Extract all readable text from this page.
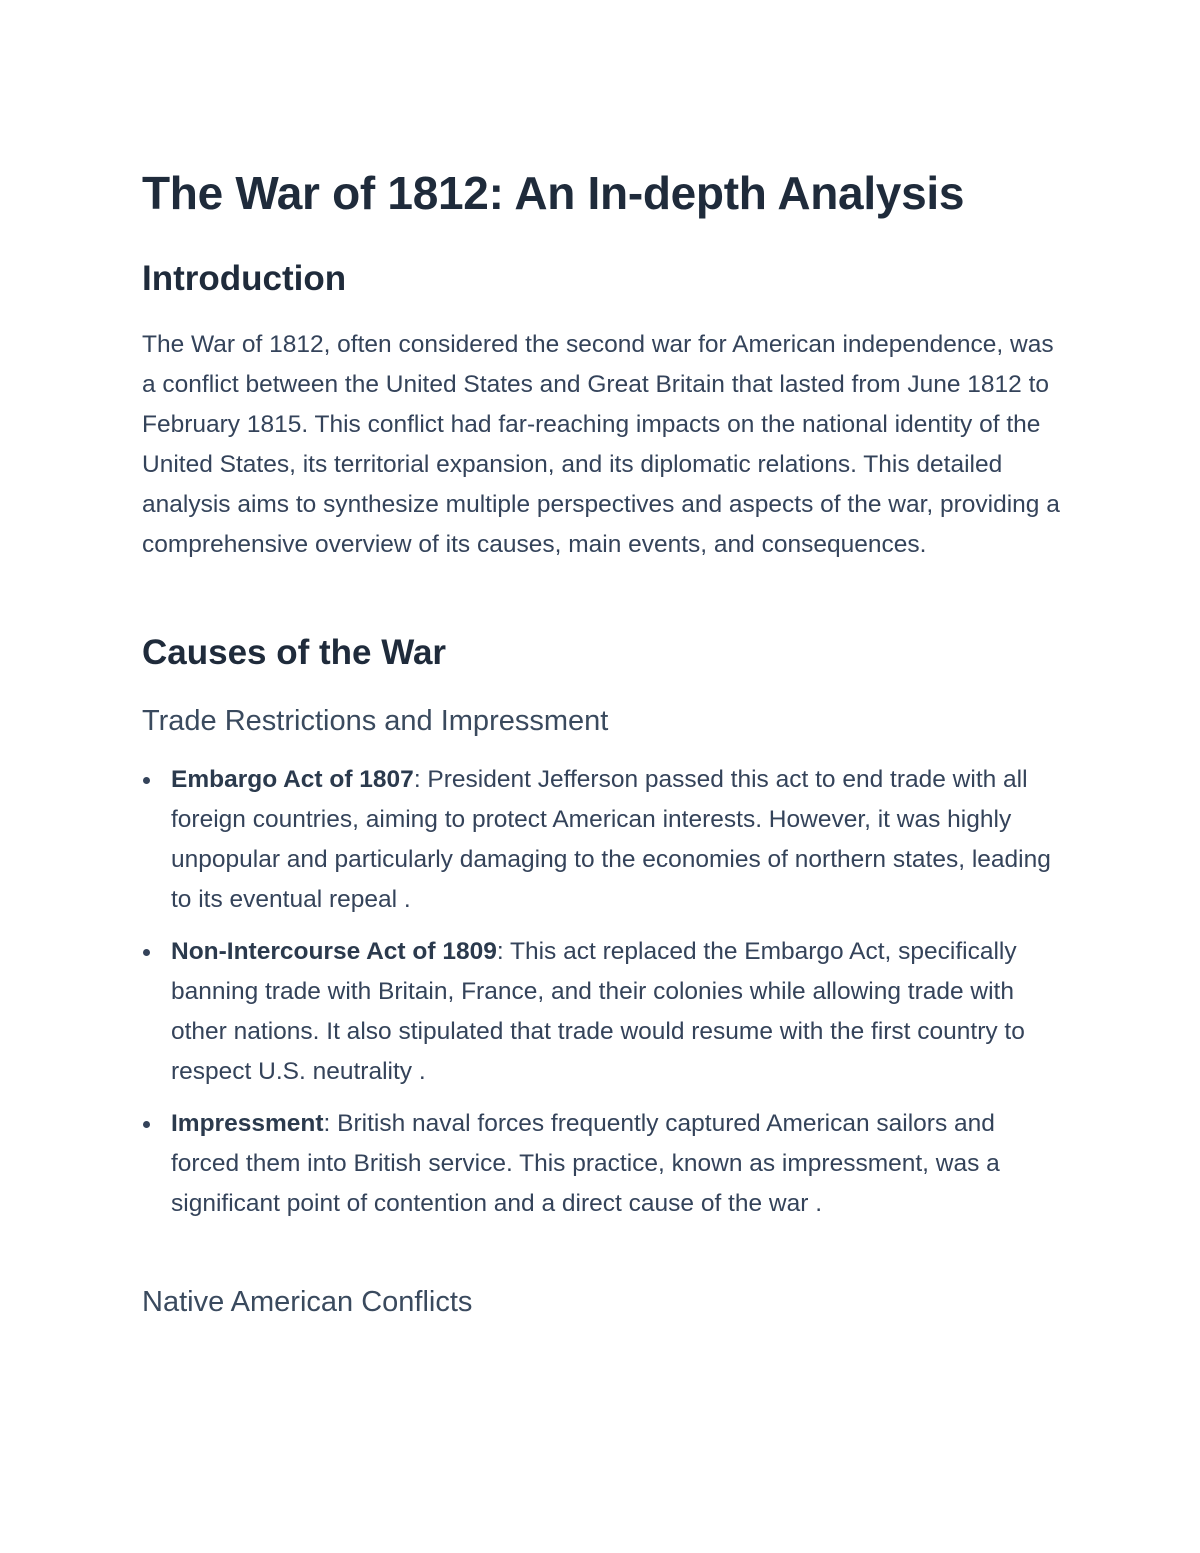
The War of 1812: An In-depth Analysis
Introduction

The War of 1812, often considered the second war for American independence, was a conflict between the United States and Great Britain that lasted from June 1812 to February 1815. This conflict had far-reaching impacts on the national identity of the United States, its territorial expansion, and its diplomatic relations. This detailed analysis aims to synthesize multiple perspectives and aspects of the war, providing a comprehensive overview of its causes, main events, and consequences.

Causes of the War
Trade Restrictions and Impressment
Embargo Act of 1807: President Jefferson passed this act to end trade with all foreign countries, aiming to protect American interests. However, it was highly unpopular and particularly damaging to the economies of northern states, leading to its eventual repeal .
Non-Intercourse Act of 1809: This act replaced the Embargo Act, specifically banning trade with Britain, France, and their colonies while allowing trade with other nations. It also stipulated that trade would resume with the first country to respect U.S. neutrality .
Impressment: British naval forces frequently captured American sailors and forced them into British service. This practice, known as impressment, was a significant point of contention and a direct cause of the war .
Native American Conflicts
